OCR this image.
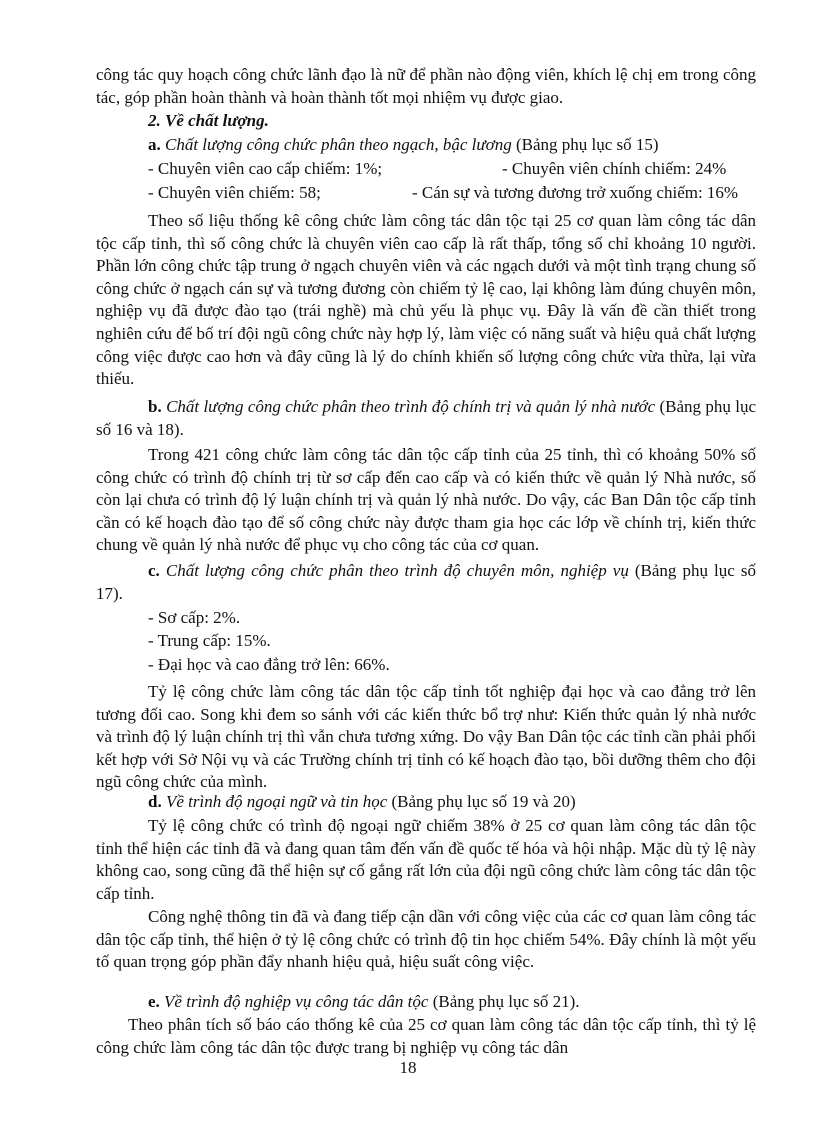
công tác quy hoạch công chức lãnh đạo là nữ để phần nào động viên, khích lệ chị em trong công tác, góp phần hoàn thành và hoàn thành tốt mọi nhiệm vụ được giao.

2. Về chất lượng.

a. Chất lượng công chức phân theo ngạch, bậc lương (Bảng phụ lục số 15)

- Chuyên viên cao cấp chiếm: 1%;	- Chuyên viên chính chiếm: 24%

- Chuyên viên chiếm: 58;	- Cán sự và tương đương trở xuống chiếm: 16%

Theo số liệu thống kê công chức làm công tác dân tộc tại 25 cơ quan làm công tác dân tộc cấp tỉnh, thì số công chức là chuyên viên cao cấp là rất thấp, tổng số chỉ khoảng 10 người. Phần lớn công chức tập trung ở ngạch chuyên viên và các ngạch dưới và một tình trạng chung số công chức ở ngạch cán sự và tương đương còn chiếm tỷ lệ cao, lại không làm đúng chuyên môn, nghiệp vụ đã được đào tạo (trái nghề) mà chủ yếu là phục vụ. Đây là vấn đề cần thiết trong nghiên cứu để bố trí đội ngũ công chức này hợp lý, làm việc có năng suất và hiệu quả chất lượng công việc được cao hơn và đây cũng là lý do chính khiến số lượng công chức vừa thừa, lại vừa thiếu.

b. Chất lượng công chức phân theo trình độ chính trị và quản lý nhà nước (Bảng phụ lục số 16 và 18).

Trong 421 công chức làm công tác dân tộc cấp tỉnh của 25 tỉnh, thì có khoảng 50% số công chức có trình độ chính trị từ sơ cấp đến cao cấp và có kiến thức về quản lý Nhà nước, số còn lại chưa có trình độ lý luận chính trị và quản lý nhà nước. Do vậy, các Ban Dân tộc cấp tỉnh cần có kế hoạch đào tạo để số công chức này được tham gia học các lớp về chính trị, kiến thức chung về quản lý nhà nước để phục vụ cho công tác của cơ quan.

c. Chất lượng công chức phân theo trình độ chuyên môn, nghiệp vụ (Bảng phụ lục số 17).

- Sơ cấp: 2%.

- Trung cấp: 15%.

- Đại học và cao đẳng trở lên: 66%.

Tỷ lệ công chức làm công tác dân tộc cấp tỉnh tốt nghiệp đại học và cao đẳng trở lên tương đối cao. Song khi đem so sánh với các kiến thức bổ trợ như: Kiến thức quản lý nhà nước và trình độ lý luận chính trị thì vẫn chưa tương xứng. Do vậy Ban Dân tộc các tỉnh cần phải phối kết hợp với Sở Nội vụ và các Trường chính trị tỉnh có kế hoạch đào tạo, bồi dưỡng thêm cho đội ngũ công chức của mình.

d. Về trình độ ngoại ngữ và tin học (Bảng phụ lục số 19 và 20)

Tỷ lệ công chức có trình độ ngoại ngữ chiếm 38% ở 25 cơ quan làm công tác dân tộc tỉnh thể hiện các tỉnh đã và đang quan tâm đến vấn đề quốc tế hóa và hội nhập. Mặc dù tỷ lệ này không cao, song cũng đã thể hiện sự cố gắng rất lớn của đội ngũ công chức làm công tác dân tộc cấp tỉnh.

Công nghệ thông tin đã và đang tiếp cận dần với công việc của các cơ quan làm công tác dân tộc cấp tỉnh, thể hiện ở tỷ lệ công chức có trình độ tin học chiếm 54%. Đây chính là một yếu tố quan trọng góp phần đẩy nhanh hiệu quả, hiệu suất công việc.

e. Về trình độ nghiệp vụ công tác dân tộc (Bảng phụ lục số 21).

Theo phân tích số báo cáo thống kê của 25 cơ quan làm công tác dân tộc cấp tỉnh, thì tỷ lệ công chức làm công tác dân tộc được trang bị nghiệp vụ công tác dân

18
